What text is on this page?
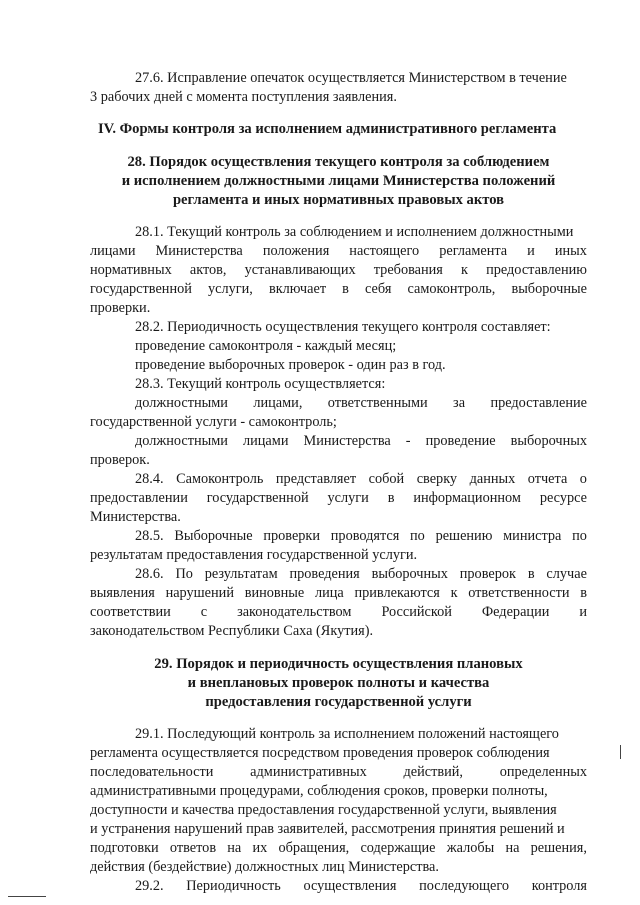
27.6. Исправление опечаток осуществляется Министерством в течение
3 рабочих дней с момента поступления заявления.
IV. Формы контроля за исполнением административного регламента
28. Порядок осуществления текущего контроля за соблюдением
и исполнением должностными лицами Министерства положений
регламента и иных нормативных правовых актов
28.1. Текущий контроль за соблюдением и исполнением должностными
лицами Министерства положения настоящего регламента и иных
нормативных актов, устанавливающих требования к предоставлению
государственной услуги, включает в себя самоконтроль, выборочные
проверки.
28.2. Периодичность осуществления текущего контроля составляет:
проведение самоконтроля - каждый месяц;
проведение выборочных проверок - один раз в год.
28.3. Текущий контроль осуществляется:
должностными лицами, ответственными за предоставление
государственной услуги - самоконтроль;
должностными лицами Министерства - проведение выборочных
проверок.
28.4. Самоконтроль представляет собой сверку данных отчета о
предоставлении государственной услуги в информационном ресурсе
Министерства.
28.5. Выборочные проверки проводятся по решению министра по
результатам предоставления государственной услуги.
28.6. По результатам проведения выборочных проверок в случае
выявления нарушений виновные лица привлекаются к ответственности в
соответствии с законодательством Российской Федерации и
законодательством Республики Саха (Якутия).
29. Порядок и периодичность осуществления плановых
и внеплановых проверок полноты и качества
предоставления государственной услуги
29.1. Последующий контроль за исполнением положений настоящего
регламента осуществляется посредством проведения проверок соблюдения
последовательности	административных	действий,	определенных
административными процедурами, соблюдения сроков, проверки полноты,
доступности и качества предоставления государственной услуги, выявления
и устранения нарушений прав заявителей, рассмотрения принятия решений и
подготовки ответов на их обращения, содержащие жалобы на решения,
действия (бездействие) должностных лиц Министерства.
29.2. Периодичность осуществления последующего контроля
